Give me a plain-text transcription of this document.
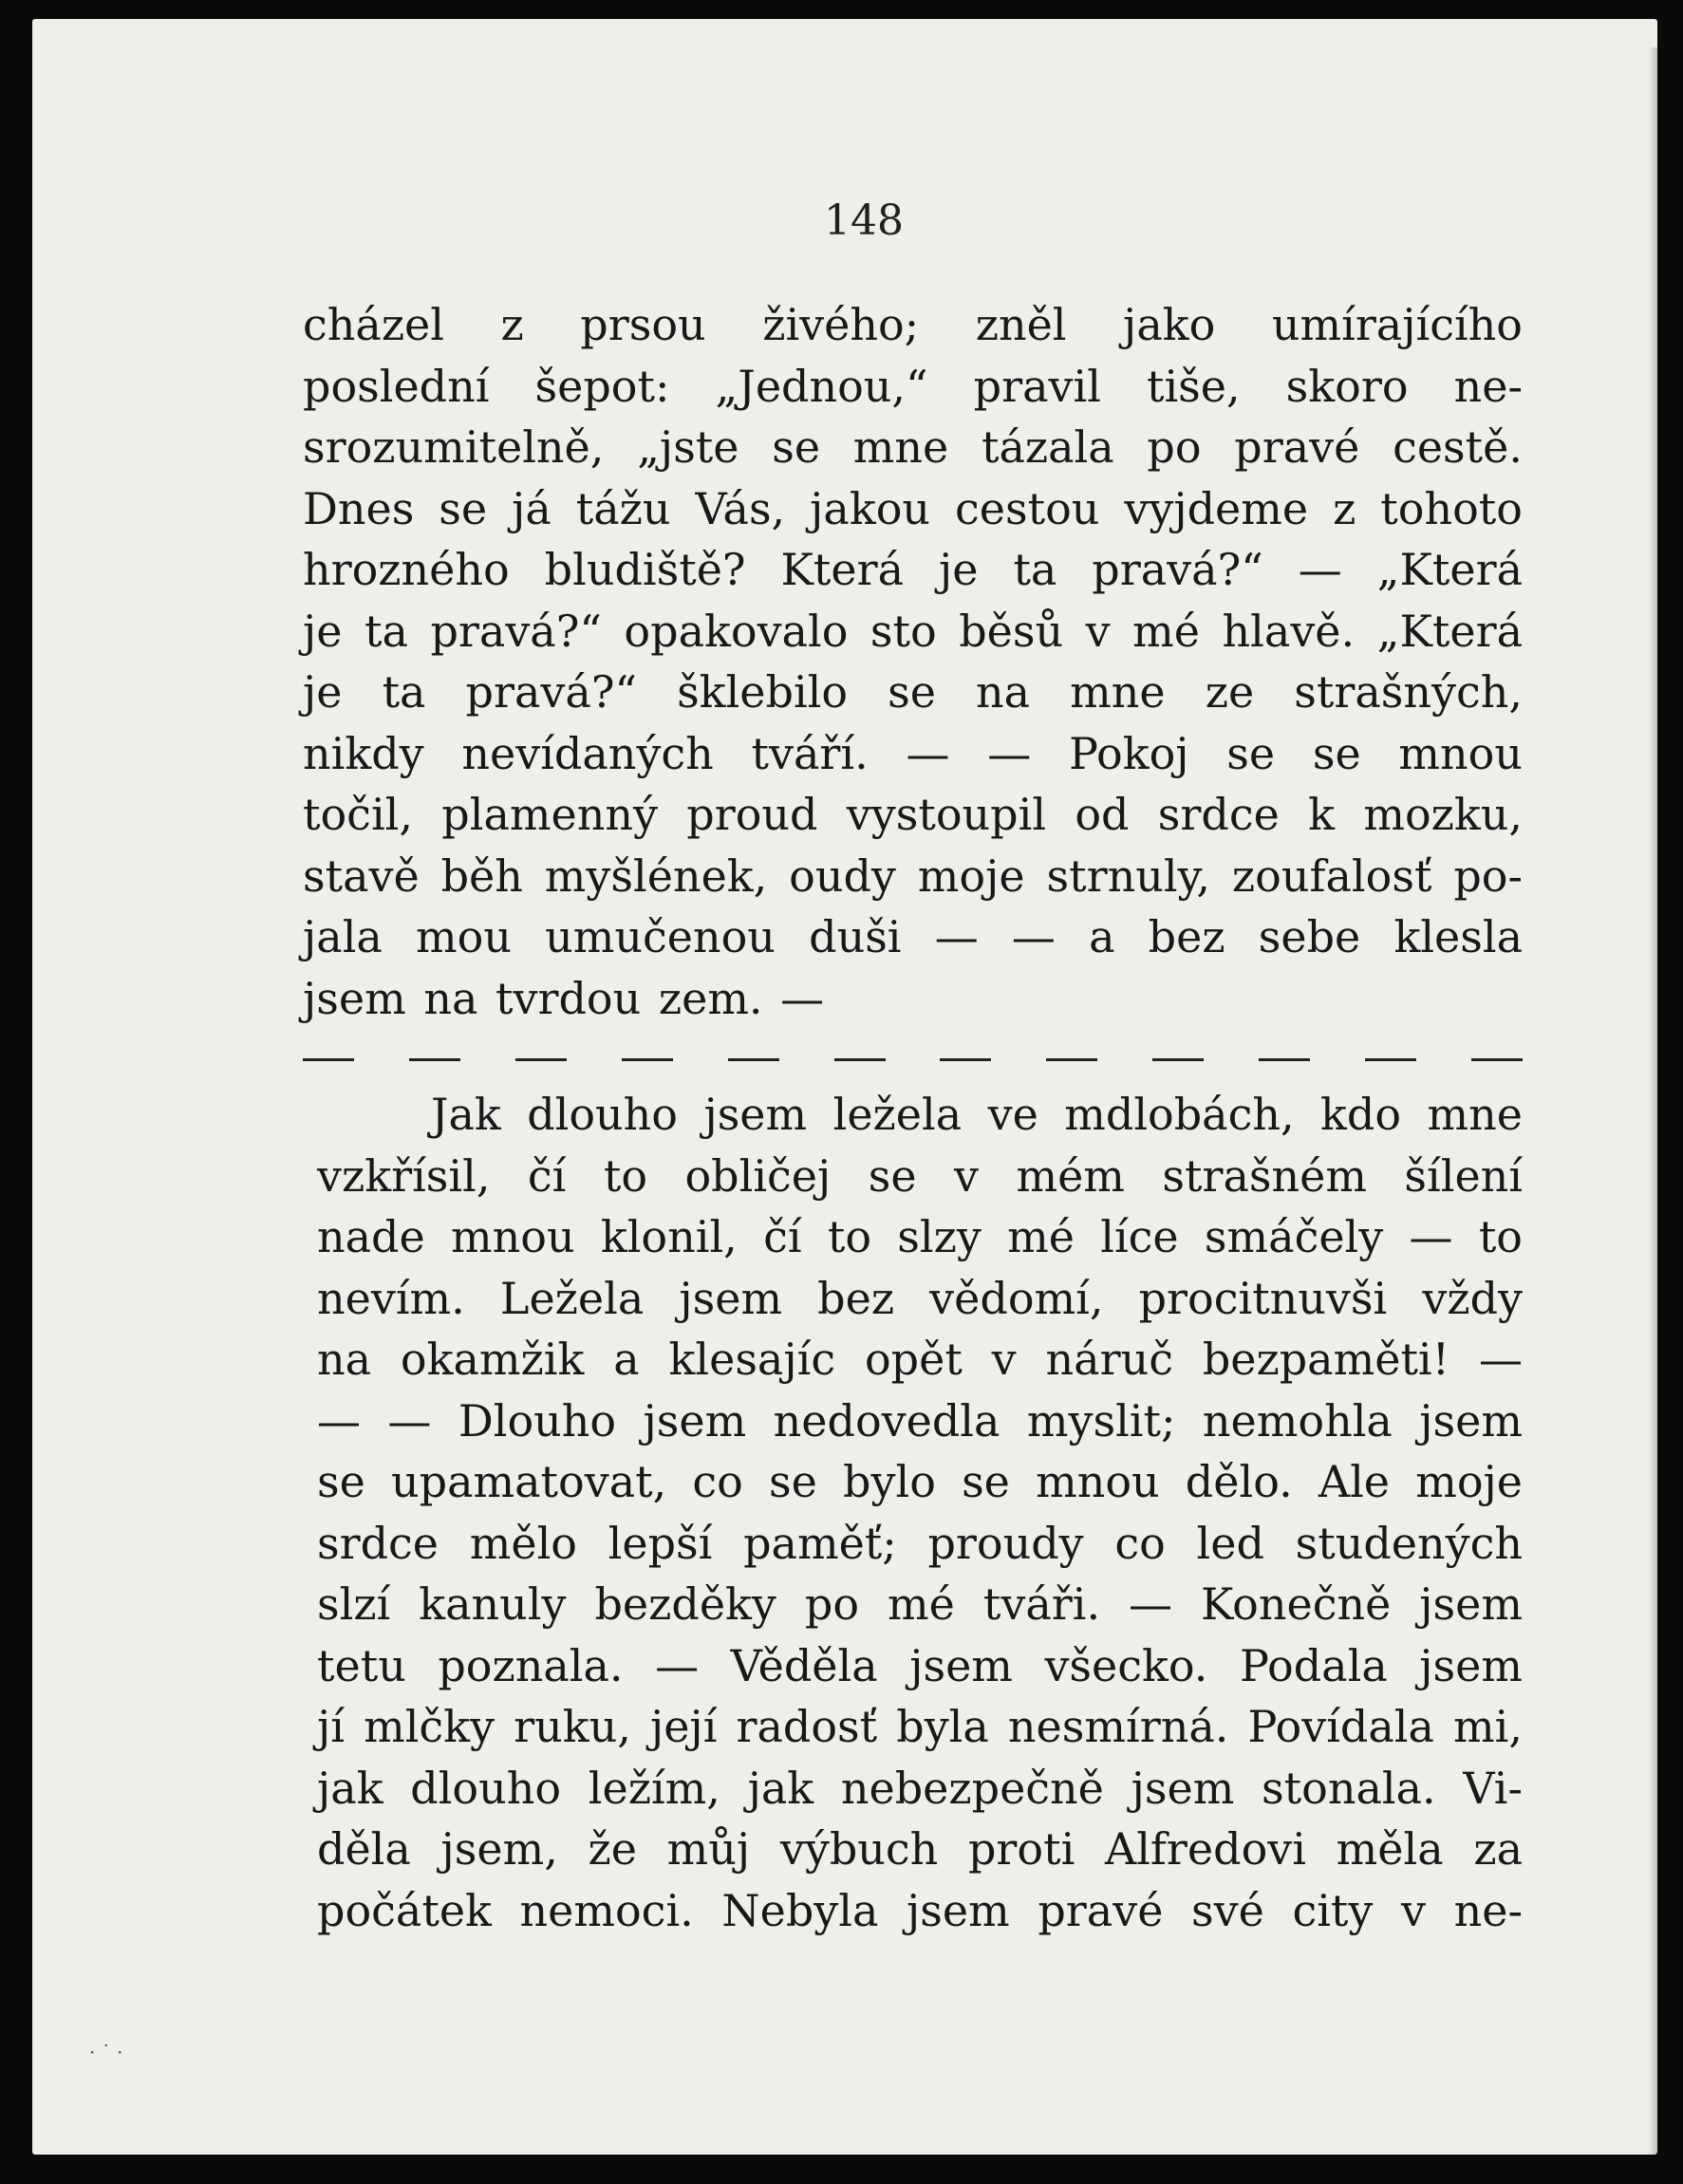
148
cházel z prsou živého; zněl jako umírajícího
poslední šepot: „Jednou,“ pravil tiše, skoro ne-
srozumitelně, „jste se mne tázala po pravé cestě.
Dnes se já tážu Vás, jakou cestou vyjdeme z tohoto
hrozného bludiště? Která je ta pravá?“ — „Která
je ta pravá?“ opakovalo sto běsů v mé hlavě. „Která
je ta pravá?“ šklebilo se na mne ze strašných,
nikdy nevídaných tváří. — — Pokoj se se mnou
točil, plamenný proud vystoupil od srdce k mozku,
stavě běh myšlének, oudy moje strnuly, zoufalosť po-
jala mou umučenou duši — — a bez sebe klesla
jsem na tvrdou zem. —
Jak dlouho jsem ležela ve mdlobách, kdo mne
vzkřísil, čí to obličej se v mém strašném šílení
nade mnou klonil, čí to slzy mé líce smáčely — to
nevím. Ležela jsem bez vědomí, procitnuvši vždy
na okamžik a klesajíc opět v náruč bezpaměti! —
— — Dlouho jsem nedovedla myslit; nemohla jsem
se upamatovat, co se bylo se mnou dělo. Ale moje
srdce mělo lepší paměť; proudy co led studených
slzí kanuly bezděky po mé tváři. — Konečně jsem
tetu poznala. — Věděla jsem všecko. Podala jsem
jí mlčky ruku, její radosť byla nesmírná. Povídala mi,
jak dlouho ležím, jak nebezpečně jsem stonala. Vi-
děla jsem, že můj výbuch proti Alfredovi měla za
počátek nemoci. Nebyla jsem pravé své city v ne-
· ˙ ·
